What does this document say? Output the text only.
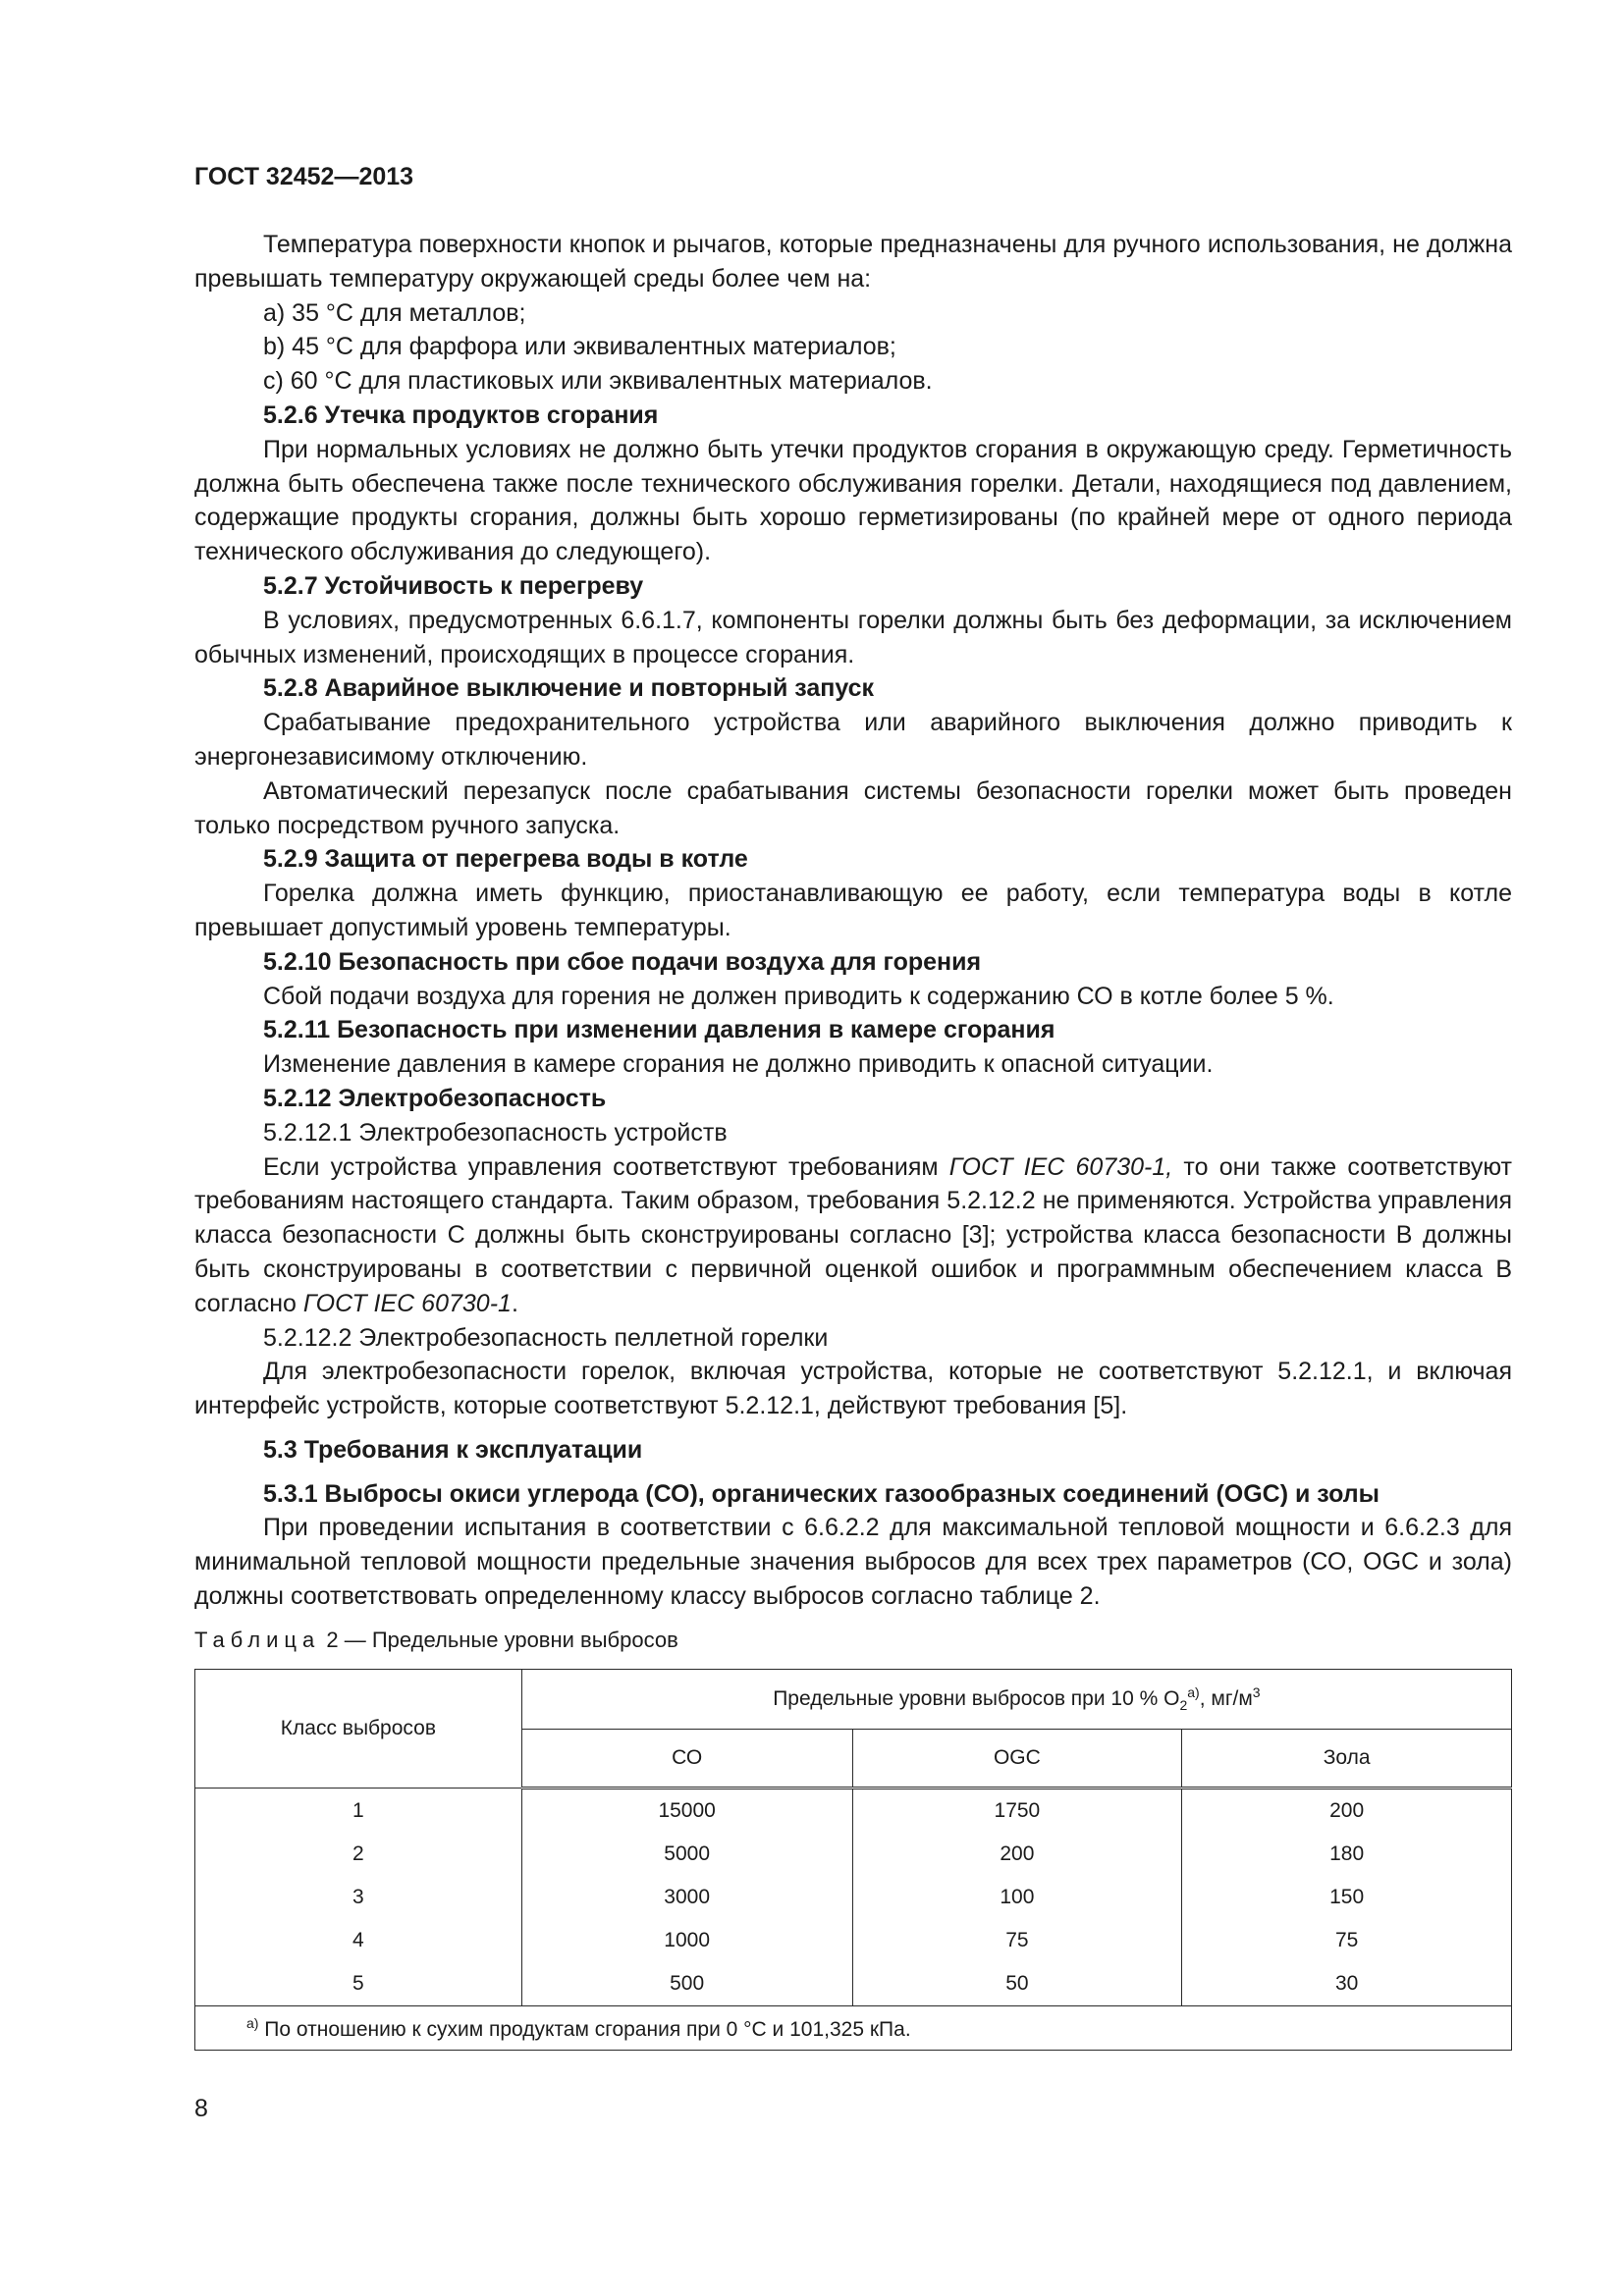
ГОСТ 32452—2013

Температура поверхности кнопок и рычагов, которые предназначены для ручного использования, не должна превышать температуру окружающей среды более чем на:

a) 35 °С для металлов;

b) 45 °С для фарфора или эквивалентных материалов;

c) 60 °С для пластиковых или эквивалентных материалов.

5.2.6 Утечка продуктов сгорания

При нормальных условиях не должно быть утечки продуктов сгорания в окружающую среду. Герметичность должна быть обеспечена также после технического обслуживания горелки. Детали, находящиеся под давлением, содержащие продукты сгорания, должны быть хорошо герметизированы (по крайней мере от одного периода технического обслуживания до следующего).

5.2.7 Устойчивость к перегреву

В условиях, предусмотренных 6.6.1.7, компоненты горелки должны быть без деформации, за исключением обычных изменений, происходящих в процессе сгорания.

5.2.8 Аварийное выключение и повторный запуск

Срабатывание предохранительного устройства или аварийного выключения должно приводить к энергонезависимому отключению.

Автоматический перезапуск после срабатывания системы безопасности горелки может быть проведен только посредством ручного запуска.

5.2.9 Защита от перегрева воды в котле

Горелка должна иметь функцию, приостанавливающую ее работу, если температура воды в котле превышает допустимый уровень температуры.

5.2.10 Безопасность при сбое подачи воздуха для горения

Сбой подачи воздуха для горения не должен приводить к содержанию СО в котле более 5 %.

5.2.11 Безопасность при изменении давления в камере сгорания

Изменение давления в камере сгорания не должно приводить к опасной ситуации.

5.2.12 Электробезопасность

5.2.12.1 Электробезопасность устройств

Если устройства управления соответствуют требованиям ГОСТ IEC 60730-1, то они также соответствуют требованиям настоящего стандарта. Таким образом, требования 5.2.12.2 не применяются. Устройства управления класса безопасности С должны быть сконструированы согласно [3]; устройства класса безопасности В должны быть сконструированы в соответствии с первичной оценкой ошибок и программным обеспечением класса В согласно ГОСТ IEC 60730-1.

5.2.12.2 Электробезопасность пеллетной горелки

Для электробезопасности горелок, включая устройства, которые не соответствуют 5.2.12.1, и включая интерфейс устройств, которые соответствуют 5.2.12.1, действуют требования [5].

5.3 Требования к эксплуатации

5.3.1 Выбросы окиси углерода (СО), органических газообразных соединений (OGC) и золы

При проведении испытания в соответствии с 6.6.2.2 для максимальной тепловой мощности и 6.6.2.3 для минимальной тепловой мощности предельные значения выбросов для всех трех параметров (СО, OGC и зола) должны соответствовать определенному классу выбросов согласно таблице 2.

Таблица 2 — Предельные уровни выбросов
Класс выбросов	Предельные уровни выбросов при 10 % $O_2^{a)}$, $мг/м^3$
	СО	OGC	Зола
1	15000	1750	200
2	5000	200	180
3	3000	100	150
4	1000	75	75
5	500	50	30
$^{a)}$ По отношению к сухим продуктам сгорания при 0 °С и 101,325 кПа.			
8
